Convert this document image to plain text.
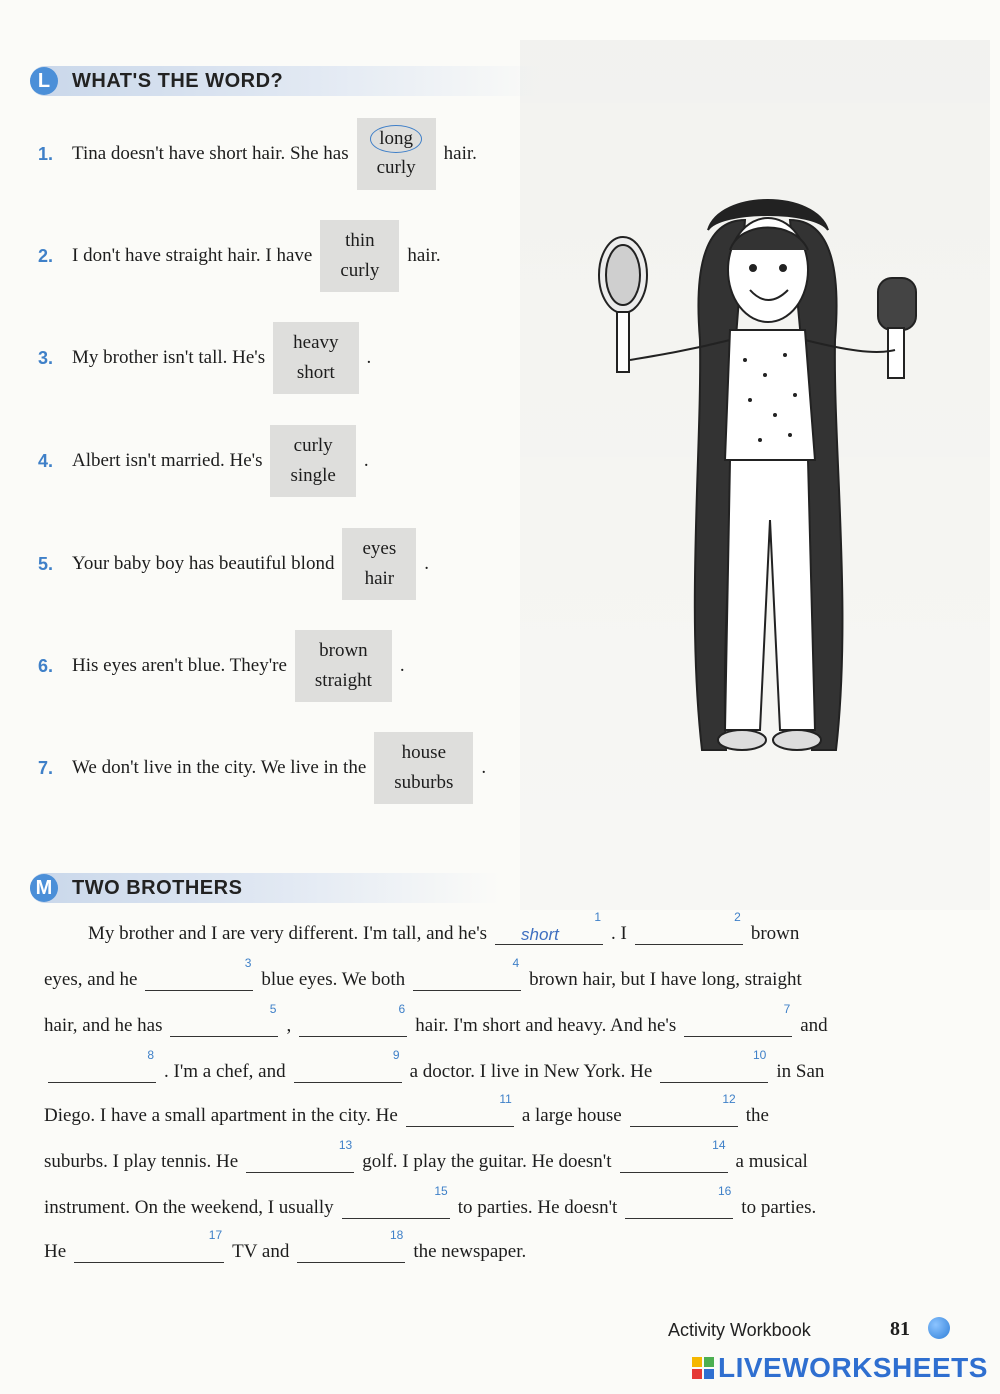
L	WHAT'S THE WORD?
1. Tina doesn't have short hair. She has
long
curly
hair.
2. I don't have straight hair. I have
thin
curly
hair.
3. My brother isn't tall. He's
heavy
short
.
4. Albert isn't married. He's
curly
single
.
5. Your baby boy has beautiful blond
eyes
hair
.
6. His eyes aren't blue. They're
brown
straight
.
7. We don't live in the city. We live in the
house
suburbs
.
M TWO BROTHERS
My brother and I are very different. I'm tall, and he's
1
short	. I
2
brown
eyes, and he
3
blue eyes. We both
4
brown hair, but I have long, straight
hair, and he has
5
,
6
hair. I'm short and heavy. And he's
7
and
8
. I'm a chef, and
9
a doctor. I live in New York. He
10
in San
Diego. I have a small apartment in the city. He
11
a large house
12
the
suburbs. I play tennis. He
13
golf. I play the guitar. He doesn't
14
a musical
instrument. On the weekend, I usually
15
to parties. He doesn't
16
to parties.
He
17
TV and
18
the newspaper.
Activity Workbook	81
LIVEWORKSHEETS
